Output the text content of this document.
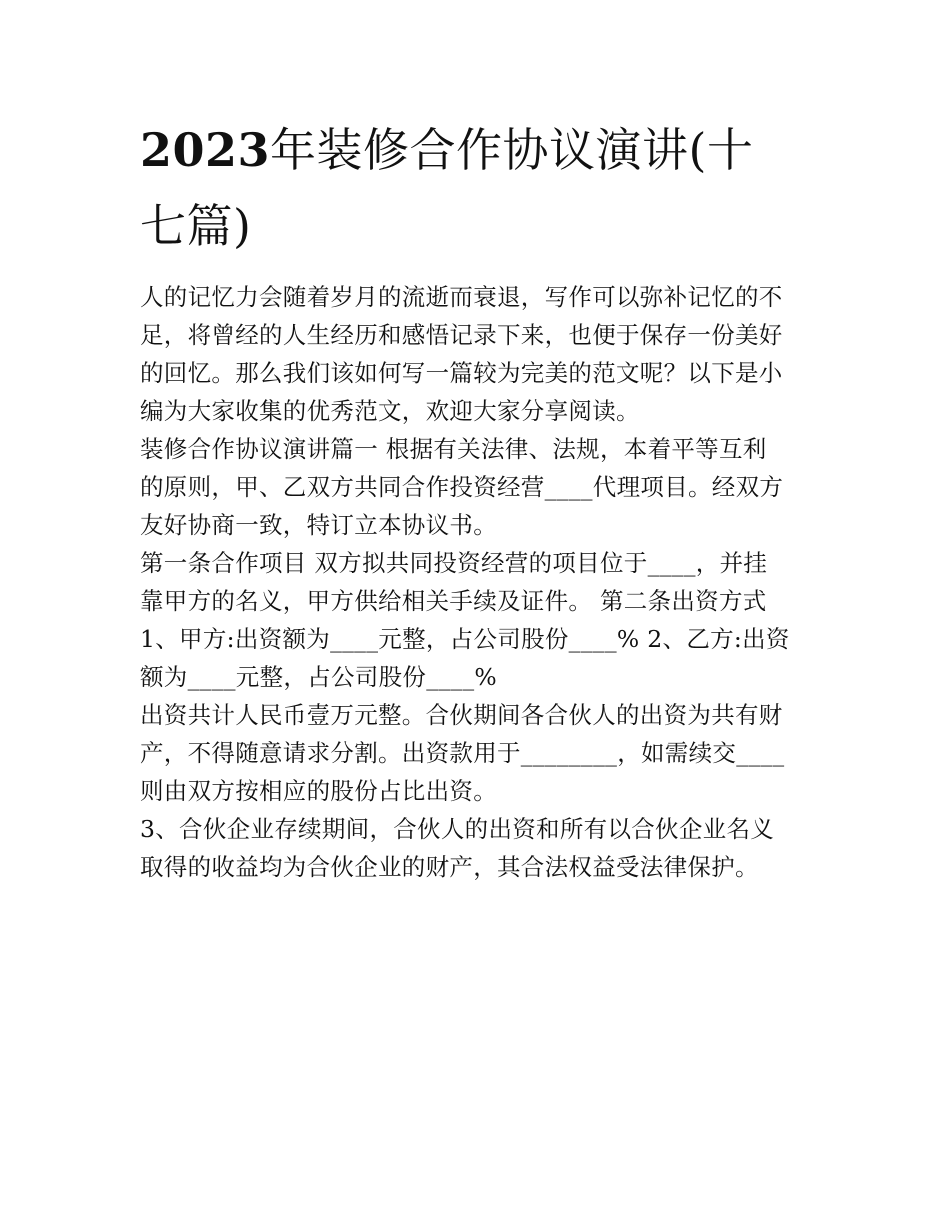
2023年装修合作协议演讲(十
七篇)

人的记忆力会随着岁月的流逝而衰退，写作可以弥补记忆的不
足，将曾经的人生经历和感悟记录下来，也便于保存一份美好
的回忆。那么我们该如何写一篇较为完美的范文呢？以下是小
编为大家收集的优秀范文，欢迎大家分享阅读。

装修合作协议演讲篇一 根据有关法律、法规，本着平等互利
的原则，甲、乙双方共同合作投资经营____代理项目。经双方
友好协商一致，特订立本协议书。

第一条合作项目 双方拟共同投资经营的项目位于____，并挂
靠甲方的名义，甲方供给相关手续及证件。 第二条出资方式
1、甲方:出资额为____元整，占公司股份____% 2、乙方:出资
额为____元整，占公司股份____%

出资共计人民币壹万元整。合伙期间各合伙人的出资为共有财
产，不得随意请求分割。出资款用于________，如需续交____
则由双方按相应的股份占比出资。

3、合伙企业存续期间，合伙人的出资和所有以合伙企业名义
取得的收益均为合伙企业的财产，其合法权益受法律保护。
